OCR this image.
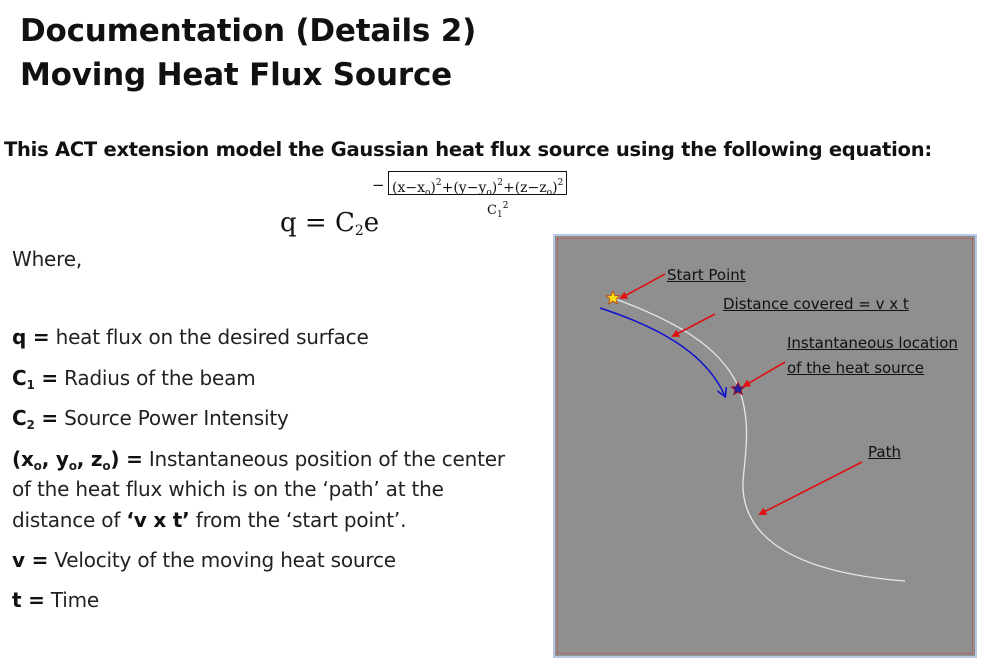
Documentation (Details 2)
Moving Heat Flux Source
This ACT extension model the Gaussian heat flux source using the following equation:
$q = C_2e$
− $(x-x_o)^2+(y-y_o)^2+(z-z_o)^2$
$C_1^2$
Where,
q = heat flux on the desired surface
$C_1$ = Radius of the beam
$C_2$ = Source Power Intensity
($x_o$, $y_o$, $z_o$) = Instantaneous position of the center
of the heat flux which is on the ‘path’ at the
distance of ‘v x t’ from the ‘start point’.
v = Velocity of the moving heat source
t = Time
Start Point
Distance covered = v x t
Instantaneous location
of the heat source
Path
